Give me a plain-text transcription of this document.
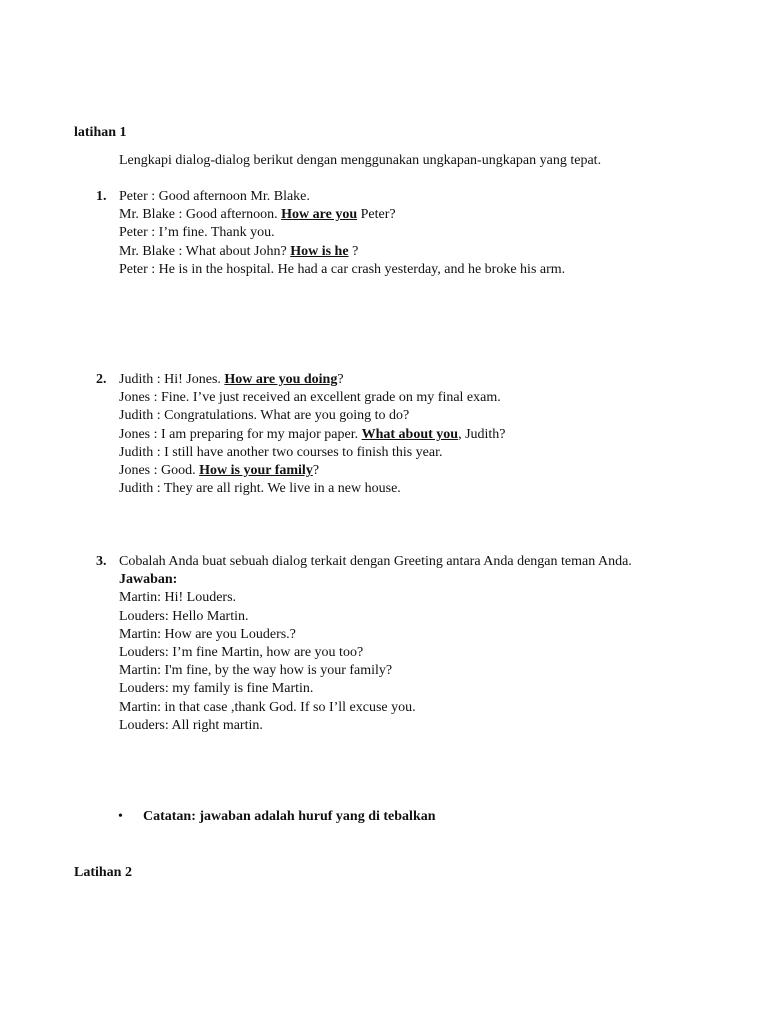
latihan 1
Lengkapi dialog-dialog berikut dengan menggunakan ungkapan-ungkapan yang tepat.
1. Peter : Good afternoon Mr. Blake.
Mr. Blake : Good afternoon. How are you Peter?
Peter : I’m fine. Thank you.
Mr. Blake : What about John? How is he ?
Peter : He is in the hospital. He had a car crash yesterday, and he broke his arm.
2. Judith : Hi! Jones. How are you doing?
Jones : Fine. I’ve just received an excellent grade on my final exam.
Judith : Congratulations. What are you going to do?
Jones : I am preparing for my major paper. What about you, Judith?
Judith : I still have another two courses to finish this year.
Jones : Good. How is your family?
Judith : They are all right. We live in a new house.
3. Cobalah Anda buat sebuah dialog terkait dengan Greeting antara Anda dengan teman Anda.
Jawaban:
Martin: Hi! Louders.
Louders: Hello Martin.
Martin: How are you Louders.?
Louders: I’m fine Martin, how are you too?
Martin: I'm fine, by the way how is your family?
Louders: my family is fine Martin.
Martin: in that case ,thank God. If so I’ll excuse you.
Louders: All right martin.
• Catatan: jawaban adalah huruf yang di tebalkan
Latihan 2
